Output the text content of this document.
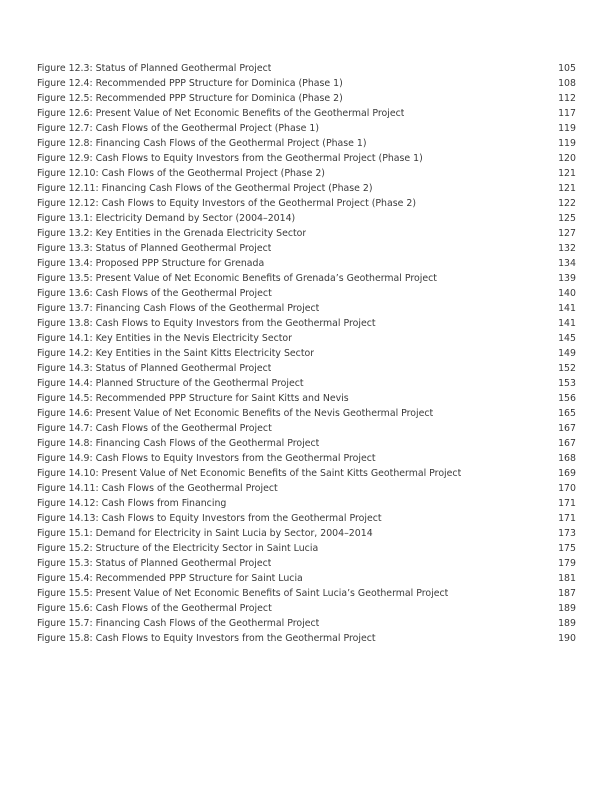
Figure 12.3: Status of Planned Geothermal Project	105
Figure 12.4: Recommended PPP Structure for Dominica (Phase 1)	108
Figure 12.5: Recommended PPP Structure for Dominica (Phase 2)	112
Figure 12.6: Present Value of Net Economic Benefits of the Geothermal Project	117
Figure 12.7: Cash Flows of the Geothermal Project (Phase 1)	119
Figure 12.8: Financing Cash Flows of the Geothermal Project (Phase 1)	119
Figure 12.9: Cash Flows to Equity Investors from the Geothermal Project (Phase 1)	120
Figure 12.10: Cash Flows of the Geothermal Project (Phase 2)	121
Figure 12.11: Financing Cash Flows of the Geothermal Project (Phase 2)	121
Figure 12.12: Cash Flows to Equity Investors of the Geothermal Project (Phase 2)	122
Figure 13.1: Electricity Demand by Sector (2004–2014)	125
Figure 13.2: Key Entities in the Grenada Electricity Sector	127
Figure 13.3: Status of Planned Geothermal Project	132
Figure 13.4: Proposed PPP Structure for Grenada	134
Figure 13.5: Present Value of Net Economic Benefits of Grenada’s Geothermal Project	139
Figure 13.6: Cash Flows of the Geothermal Project	140
Figure 13.7: Financing Cash Flows of the Geothermal Project	141
Figure 13.8: Cash Flows to Equity Investors from the Geothermal Project	141
Figure 14.1: Key Entities in the Nevis Electricity Sector	145
Figure 14.2: Key Entities in the Saint Kitts Electricity Sector	149
Figure 14.3: Status of Planned Geothermal Project	152
Figure 14.4: Planned Structure of the Geothermal Project	153
Figure 14.5: Recommended PPP Structure for Saint Kitts and Nevis	156
Figure 14.6: Present Value of Net Economic Benefits of the Nevis Geothermal Project	165
Figure 14.7: Cash Flows of the Geothermal Project	167
Figure 14.8: Financing Cash Flows of the Geothermal Project	167
Figure 14.9: Cash Flows to Equity Investors from the Geothermal Project	168
Figure 14.10: Present Value of Net Economic Benefits of the Saint Kitts Geothermal Project	169
Figure 14.11: Cash Flows of the Geothermal Project	170
Figure 14.12: Cash Flows from Financing	171
Figure 14.13: Cash Flows to Equity Investors from the Geothermal Project	171
Figure 15.1: Demand for Electricity in Saint Lucia by Sector, 2004–2014	173
Figure 15.2: Structure of the Electricity Sector in Saint Lucia	175
Figure 15.3: Status of Planned Geothermal Project	179
Figure 15.4: Recommended PPP Structure for Saint Lucia	181
Figure 15.5: Present Value of Net Economic Benefits of Saint Lucia’s Geothermal Project	187
Figure 15.6: Cash Flows of the Geothermal Project	189
Figure 15.7: Financing Cash Flows of the Geothermal Project	189
Figure 15.8: Cash Flows to Equity Investors from the Geothermal Project	190
